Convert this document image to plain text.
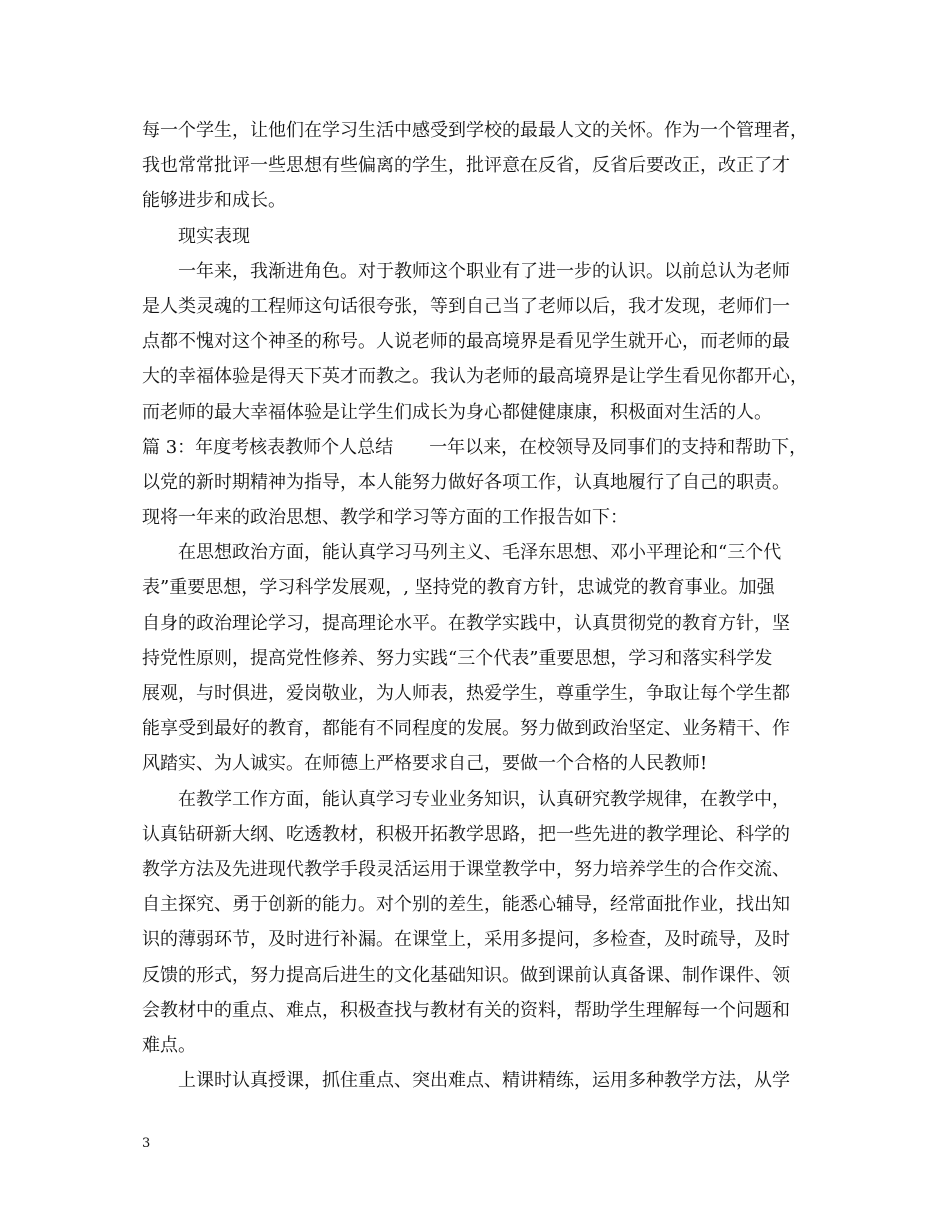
每一个学生，让他们在学习生活中感受到学校的最最人文的关怀。作为一个管理者，
我也常常批评一些思想有些偏离的学生，批评意在反省，反省后要改正，改正了才
能够进步和成长。
现实表现
一年来，我渐进角色。对于教师这个职业有了进一步的认识。以前总认为老师
是人类灵魂的工程师这句话很夸张，等到自己当了老师以后，我才发现，老师们一
点都不愧对这个神圣的称号。人说老师的最高境界是看见学生就开心，而老师的最
大的幸福体验是得天下英才而教之。我认为老师的最高境界是让学生看见你都开心，
而老师的最大幸福体验是让学生们成长为身心都健健康康，积极面对生活的人。
篇 3：年度考核表教师个人总结　　一年以来，在校领导及同事们的支持和帮助下，
以党的新时期精神为指导，本人能努力做好各项工作，认真地履行了自己的职责。
现将一年来的政治思想、教学和学习等方面的工作报告如下：
在思想政治方面，能认真学习马列主义、毛泽东思想、邓小平理论和“三个代
表”重要思想，学习科学发展观，, 坚持党的教育方针，忠诚党的教育事业。加强
自身的政治理论学习，提高理论水平。在教学实践中，认真贯彻党的教育方针，坚
持党性原则，提高党性修养、努力实践“三个代表”重要思想，学习和落实科学发
展观，与时俱进，爱岗敬业，为人师表，热爱学生，尊重学生，争取让每个学生都
能享受到最好的教育，都能有不同程度的发展。努力做到政治坚定、业务精干、作
风踏实、为人诚实。在师德上严格要求自己，要做一个合格的人民教师!
在教学工作方面，能认真学习专业业务知识，认真研究教学规律，在教学中，
认真钻研新大纲、吃透教材，积极开拓教学思路，把一些先进的教学理论、科学的
教学方法及先进现代教学手段灵活运用于课堂教学中，努力培养学生的合作交流、
自主探究、勇于创新的能力。对个别的差生，能悉心辅导，经常面批作业，找出知
识的薄弱环节，及时进行补漏。在课堂上，采用多提问，多检查，及时疏导，及时
反馈的形式，努力提高后进生的文化基础知识。做到课前认真备课、制作课件、领
会教材中的重点、难点，积极查找与教材有关的资料，帮助学生理解每一个问题和
难点。
上课时认真授课，抓住重点、突出难点、精讲精练，运用多种教学方法，从学
3
